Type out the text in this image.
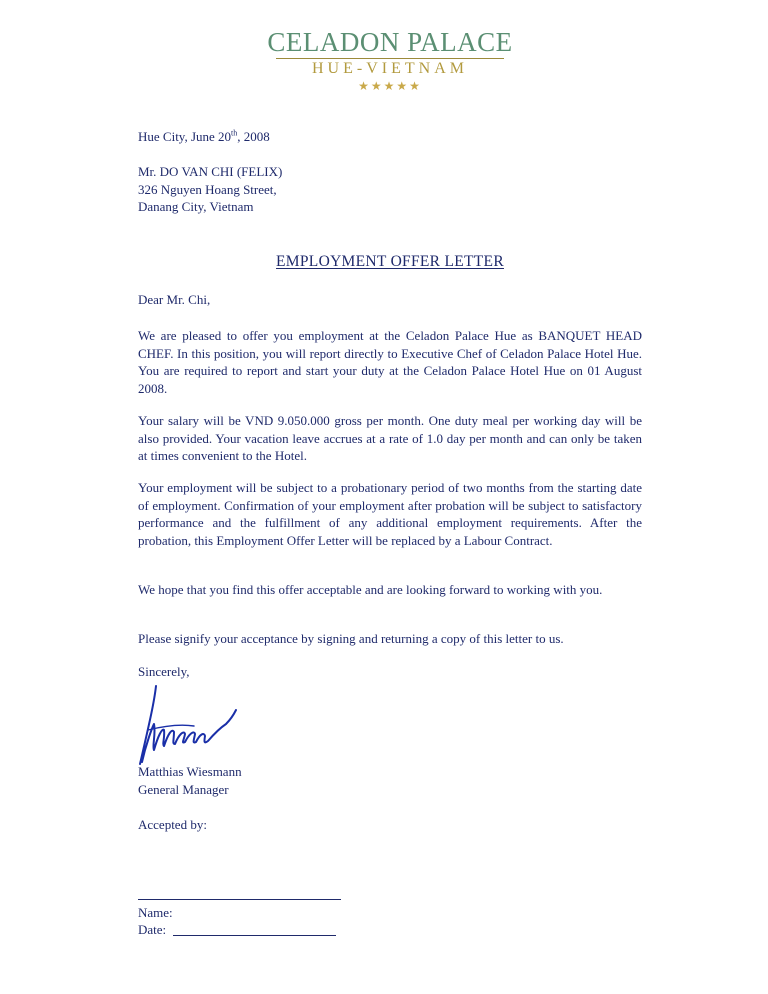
CELADON PALACE
HUE-VIETNAM
★★★★★
Hue City, June 20th, 2008

Mr. DO VAN CHI (FELIX)

326 Nguyen Hoang Street,

Danang City, Vietnam

EMPLOYMENT OFFER LETTER
Dear Mr. Chi,
We are pleased to offer you employment at the Celadon Palace Hue as BANQUET HEAD CHEF. In this position, you will report directly to Executive Chef of Celadon Palace Hotel Hue. You are required to report and start your duty at the Celadon Palace Hotel Hue on 01 August 2008.
Your salary will be VND 9.050.000 gross per month. One duty meal per working day will be also provided. Your vacation leave accrues at a rate of 1.0 day per month and can only be taken at times convenient to the Hotel.
Your employment will be subject to a probationary period of two months from the starting date of employment. Confirmation of your employment after probation will be subject to satisfactory performance and the fulfillment of any additional employment requirements. After the probation, this Employment Offer Letter will be replaced by a Labour Contract.
We hope that you find this offer acceptable and are looking forward to working with you.
Please signify your acceptance by signing and returning a copy of this letter to us.
Sincerely,

Matthias Wiesmann

General Manager

Accepted by:
Name:
Date:
